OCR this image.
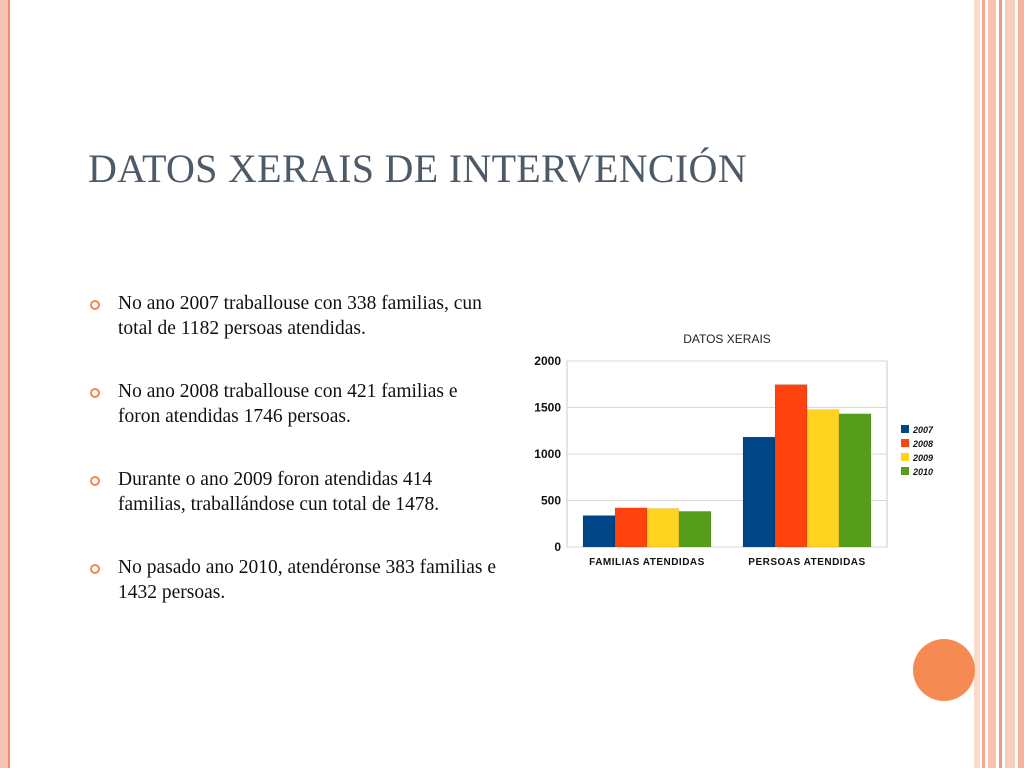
DATOS XERAIS DE INTERVENCIÓN
No ano 2007 traballouse con 338 familias, cun total de 1182 persoas atendidas.
No ano 2008 traballouse con 421 familias e foron atendidas 1746 persoas.
Durante o ano 2009 foron atendidas 414 familias, traballándose cun total de 1478.
No pasado ano 2010, atendéronse 383 familias e 1432 persoas.
DATOS XERAIS
0
500
1000
1500
2000
FAMILIAS ATENDIDAS	PERSOAS ATENDIDAS
2007
2008
2009
2010
